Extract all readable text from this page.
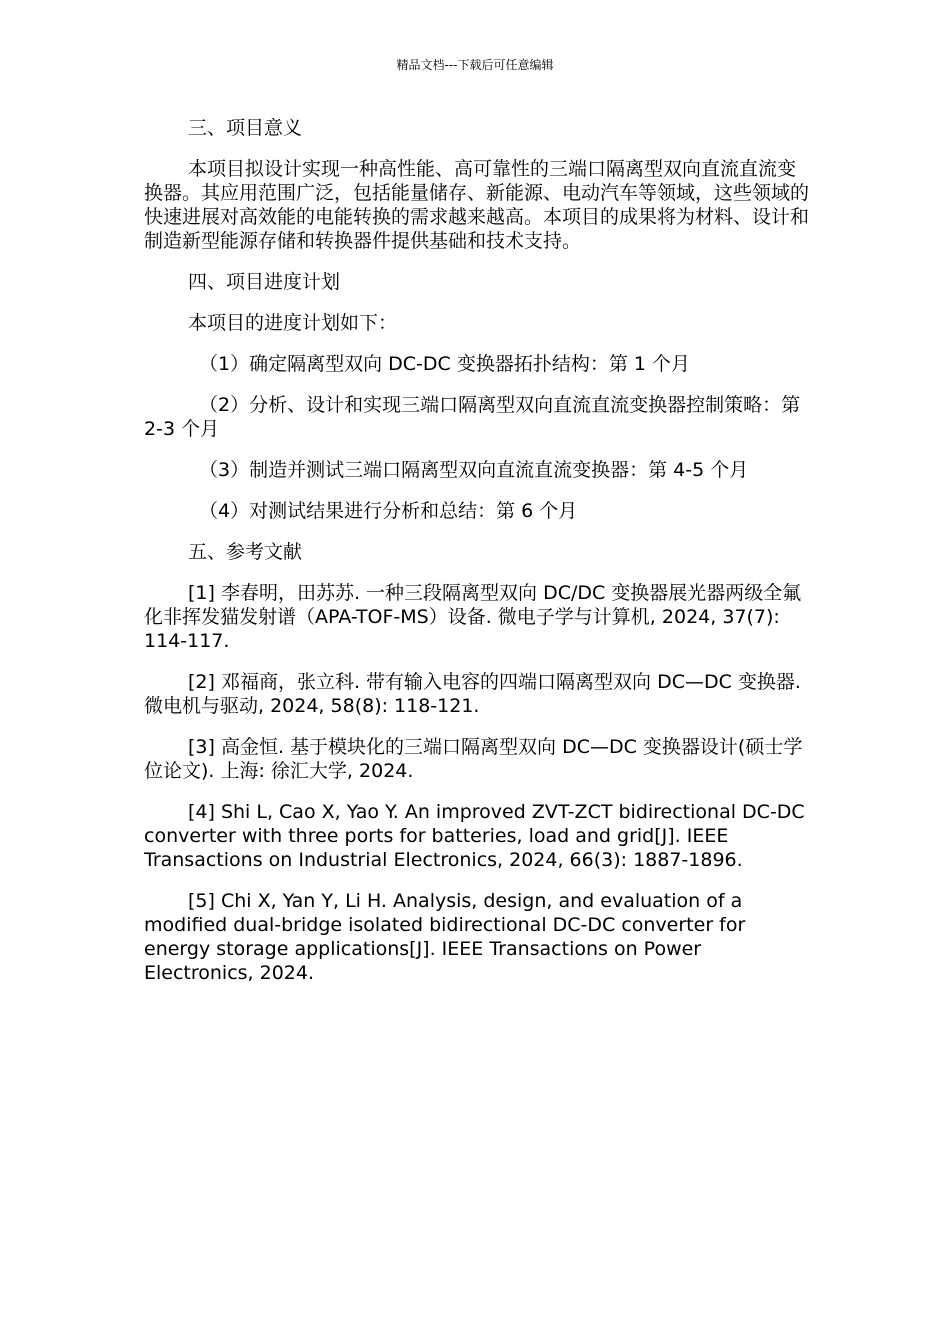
精品文档---下载后可任意编辑

三、项目意义

本项目拟设计实现一种高性能、高可靠性的三端口隔离型双向直流直流变换器。其应用范围广泛，包括能量储存、新能源、电动汽车等领域，这些领域的快速进展对高效能的电能转换的需求越来越高。本项目的成果将为材料、设计和制造新型能源存储和转换器件提供基础和技术支持。

四、项目进度计划

本项目的进度计划如下：

（1）确定隔离型双向 DC-DC 变换器拓扑结构：第 1 个月

（2）分析、设计和实现三端口隔离型双向直流直流变换器控制策略：第 2-3 个月

（3）制造并测试三端口隔离型双向直流直流变换器：第 4-5 个月

（4）对测试结果进行分析和总结：第 6 个月

五、参考文献

[1] 李春明，田苏苏. 一种三段隔离型双向 DC/DC 变换器展光器两级全氟化非挥发猫发射谱（APA-TOF-MS）设备. 微电子学与计算机, 2024, 37(7): 114-117.

[2] 邓福商，张立科. 带有输入电容的四端口隔离型双向 DC—DC 变换器. 微电机与驱动, 2024, 58(8): 118-121.

[3] 高金恒. 基于模块化的三端口隔离型双向 DC—DC 变换器设计(硕士学位论文). 上海: 徐汇大学, 2024.

[4] Shi L, Cao X, Yao Y. An improved ZVT-ZCT bidirectional DC-DC converter with three ports for batteries, load and grid[J]. IEEE Transactions on Industrial Electronics, 2024, 66(3): 1887-1896.

[5] Chi X, Yan Y, Li H. Analysis, design, and evaluation of a modified dual-bridge isolated bidirectional DC-DC converter for energy storage applications[J]. IEEE Transactions on Power Electronics, 2024.
